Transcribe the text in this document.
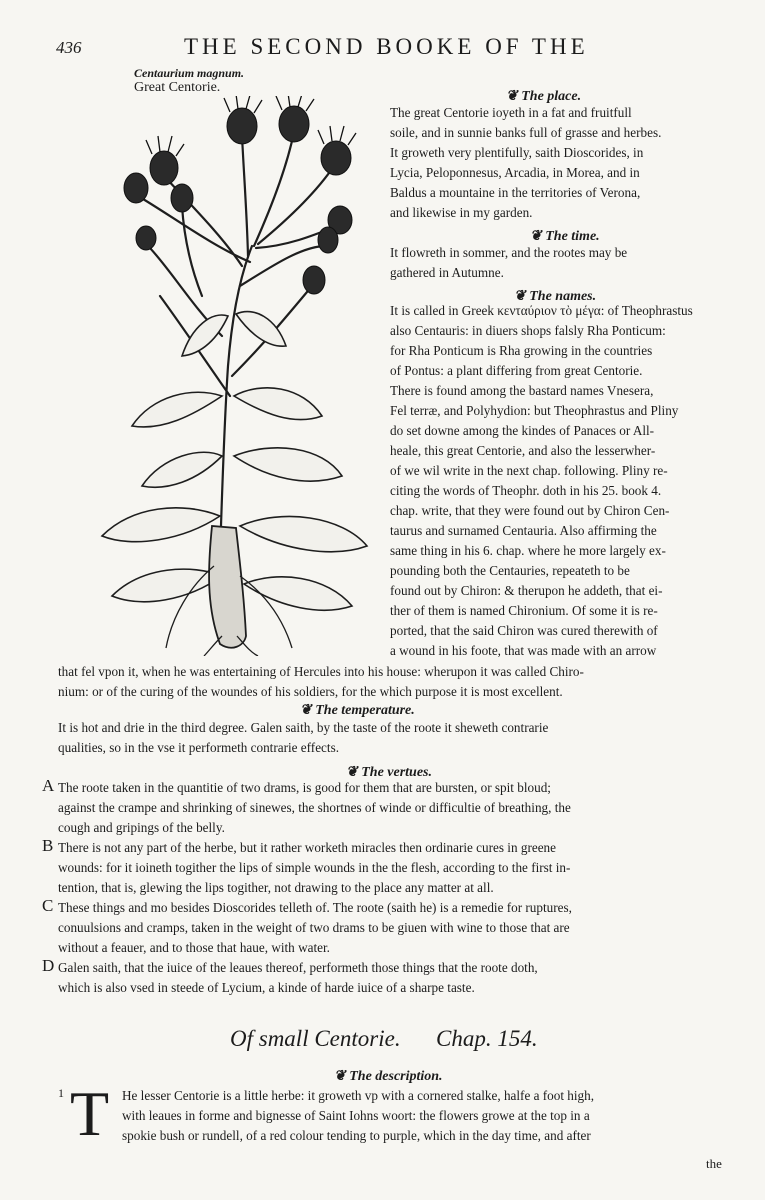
436	THE SECOND BOOKE OF THE
Centaurium magnum.
Great Centorie.
❦ The place.
The great Centorie ioyeth in a fat and fruitfull
soile, and in sunnie banks full of grasse and herbes.
It groweth very plentifully, saith Dioscorides, in
Lycia, Peloponnesus, Arcadia, in Morea, and in
Baldus a mountaine in the territories of Verona,
and likewise in my garden.
❦ The time.
It flowreth in sommer, and the rootes may be
gathered in Autumne.
❦ The names.
It is called in Greek κενταύριον τὸ μέγα: of Theophrastus
also Centauris: in diuers shops falsly Rha Ponticum:
for Rha Ponticum is Rha growing in the countries
of Pontus: a plant differing from great Centorie.
There is found among the bastard names Vnesera,
Fel terræ, and Polyhydion: but Theophrastus and Pliny
do set downe among the kindes of Panaces or All-
heale, this great Centorie, and also the lesserwher-
of we wil write in the next chap. following. Pliny re-
citing the words of Theophr. doth in his 25. book 4.
chap. write, that they were found out by Chiron Cen-
taurus and surnamed Centauria. Also affirming the
same thing in his 6. chap. where he more largely ex-
pounding both the Centauries, repeateth to be
found out by Chiron: & therupon he addeth, that ei-
ther of them is named Chironium. Of some it is re-
ported, that the said Chiron was cured therewith of
a wound in his foote, that was made with an arrow
that fel vpon it, when he was entertaining of Hercules into his house: wherupon it was called Chiro-
nium: or of the curing of the woundes of his soldiers, for the which purpose it is most excellent.
❦ The temperature.
It is hot and drie in the third degree. Galen saith, by the taste of the roote it sheweth contrarie
qualities, so in the vse it performeth contrarie effects.
❦ The vertues.
A The roote taken in the quantitie of two drams, is good for them that are bursten, or spit bloud;
against the crampe and shrinking of sinewes, the shortnes of winde or difficultie of breathing, the
cough and gripings of the belly.
B There is not any part of the herbe, but it rather worketh miracles then ordinarie cures in greene
wounds: for it ioineth togither the lips of simple wounds in the the flesh, according to the first in-
tention, that is, glewing the lips togither, not drawing to the place any matter at all.
C These things and mo besides Dioscorides telleth of. The roote (saith he) is a remedie for ruptures,
conuulsions and cramps, taken in the weight of two drams to be giuen with wine to those that are
without a feauer, and to those that haue, with water.
D Galen saith, that the iuice of the leaues thereof, performeth those things that the roote doth,
which is also vsed in steede of Lycium, a kinde of harde iuice of a sharpe taste.
Of small Centorie. Chap. 154.
❦ The description.
1 T He lesser Centorie is a little herbe: it groweth vp with a cornered stalke, halfe a foot high,
with leaues in forme and bignesse of Saint Iohns woort: the flowers growe at the top in a
spokie bush or rundell, of a red colour tending to purple, which in the day time, and after
the
